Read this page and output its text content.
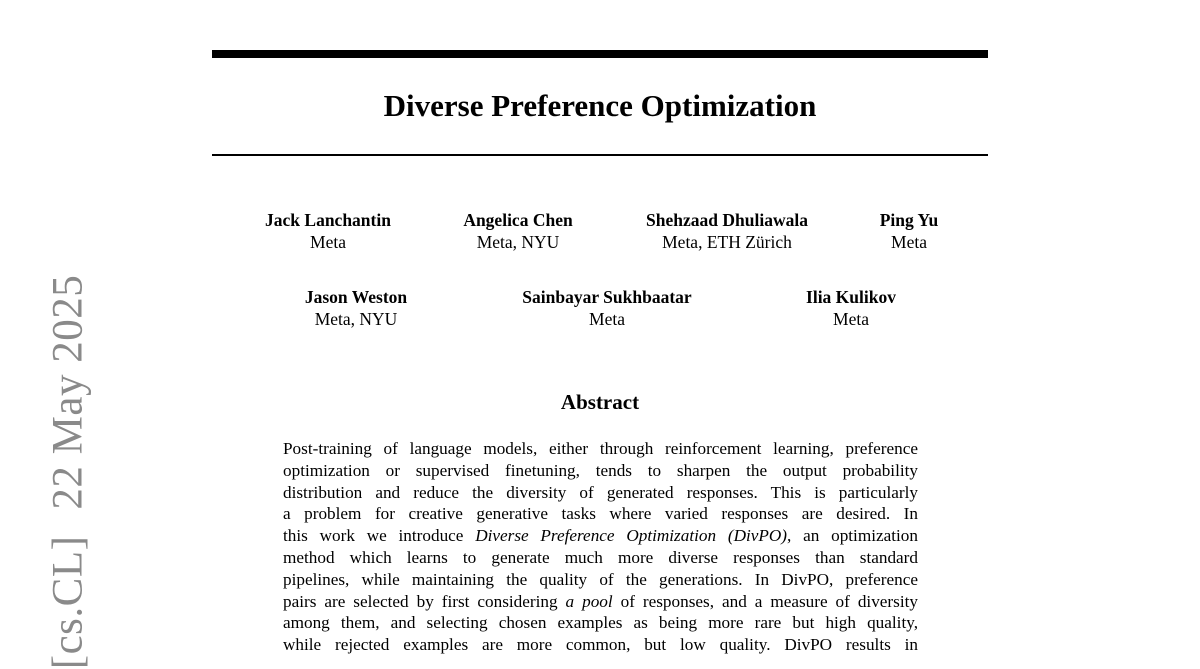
[cs.CL]22 May 2025
Diverse Preference Optimization
Jack Lanchantin
Meta
Angelica Chen
Meta, NYU
Shehzaad Dhuliawala
Meta, ETH Zürich
Ping Yu
Meta
Jason Weston
Meta, NYU
Sainbayar Sukhbaatar
Meta
Ilia Kulikov
Meta
Abstract
Post-training of language models, either through reinforcement learning, preference
optimization or supervised finetuning, tends to sharpen the output probability
distribution and reduce the diversity of generated responses. This is particularly
a problem for creative generative tasks where varied responses are desired. In
this work we introduce Diverse Preference Optimization (DivPO), an optimization
method which learns to generate much more diverse responses than standard
pipelines, while maintaining the quality of the generations. In DivPO, preference
pairs are selected by first considering a pool of responses, and a measure of diversity
among them, and selecting chosen examples as being more rare but high quality,
while rejected examples are more common, but low quality. DivPO results in
